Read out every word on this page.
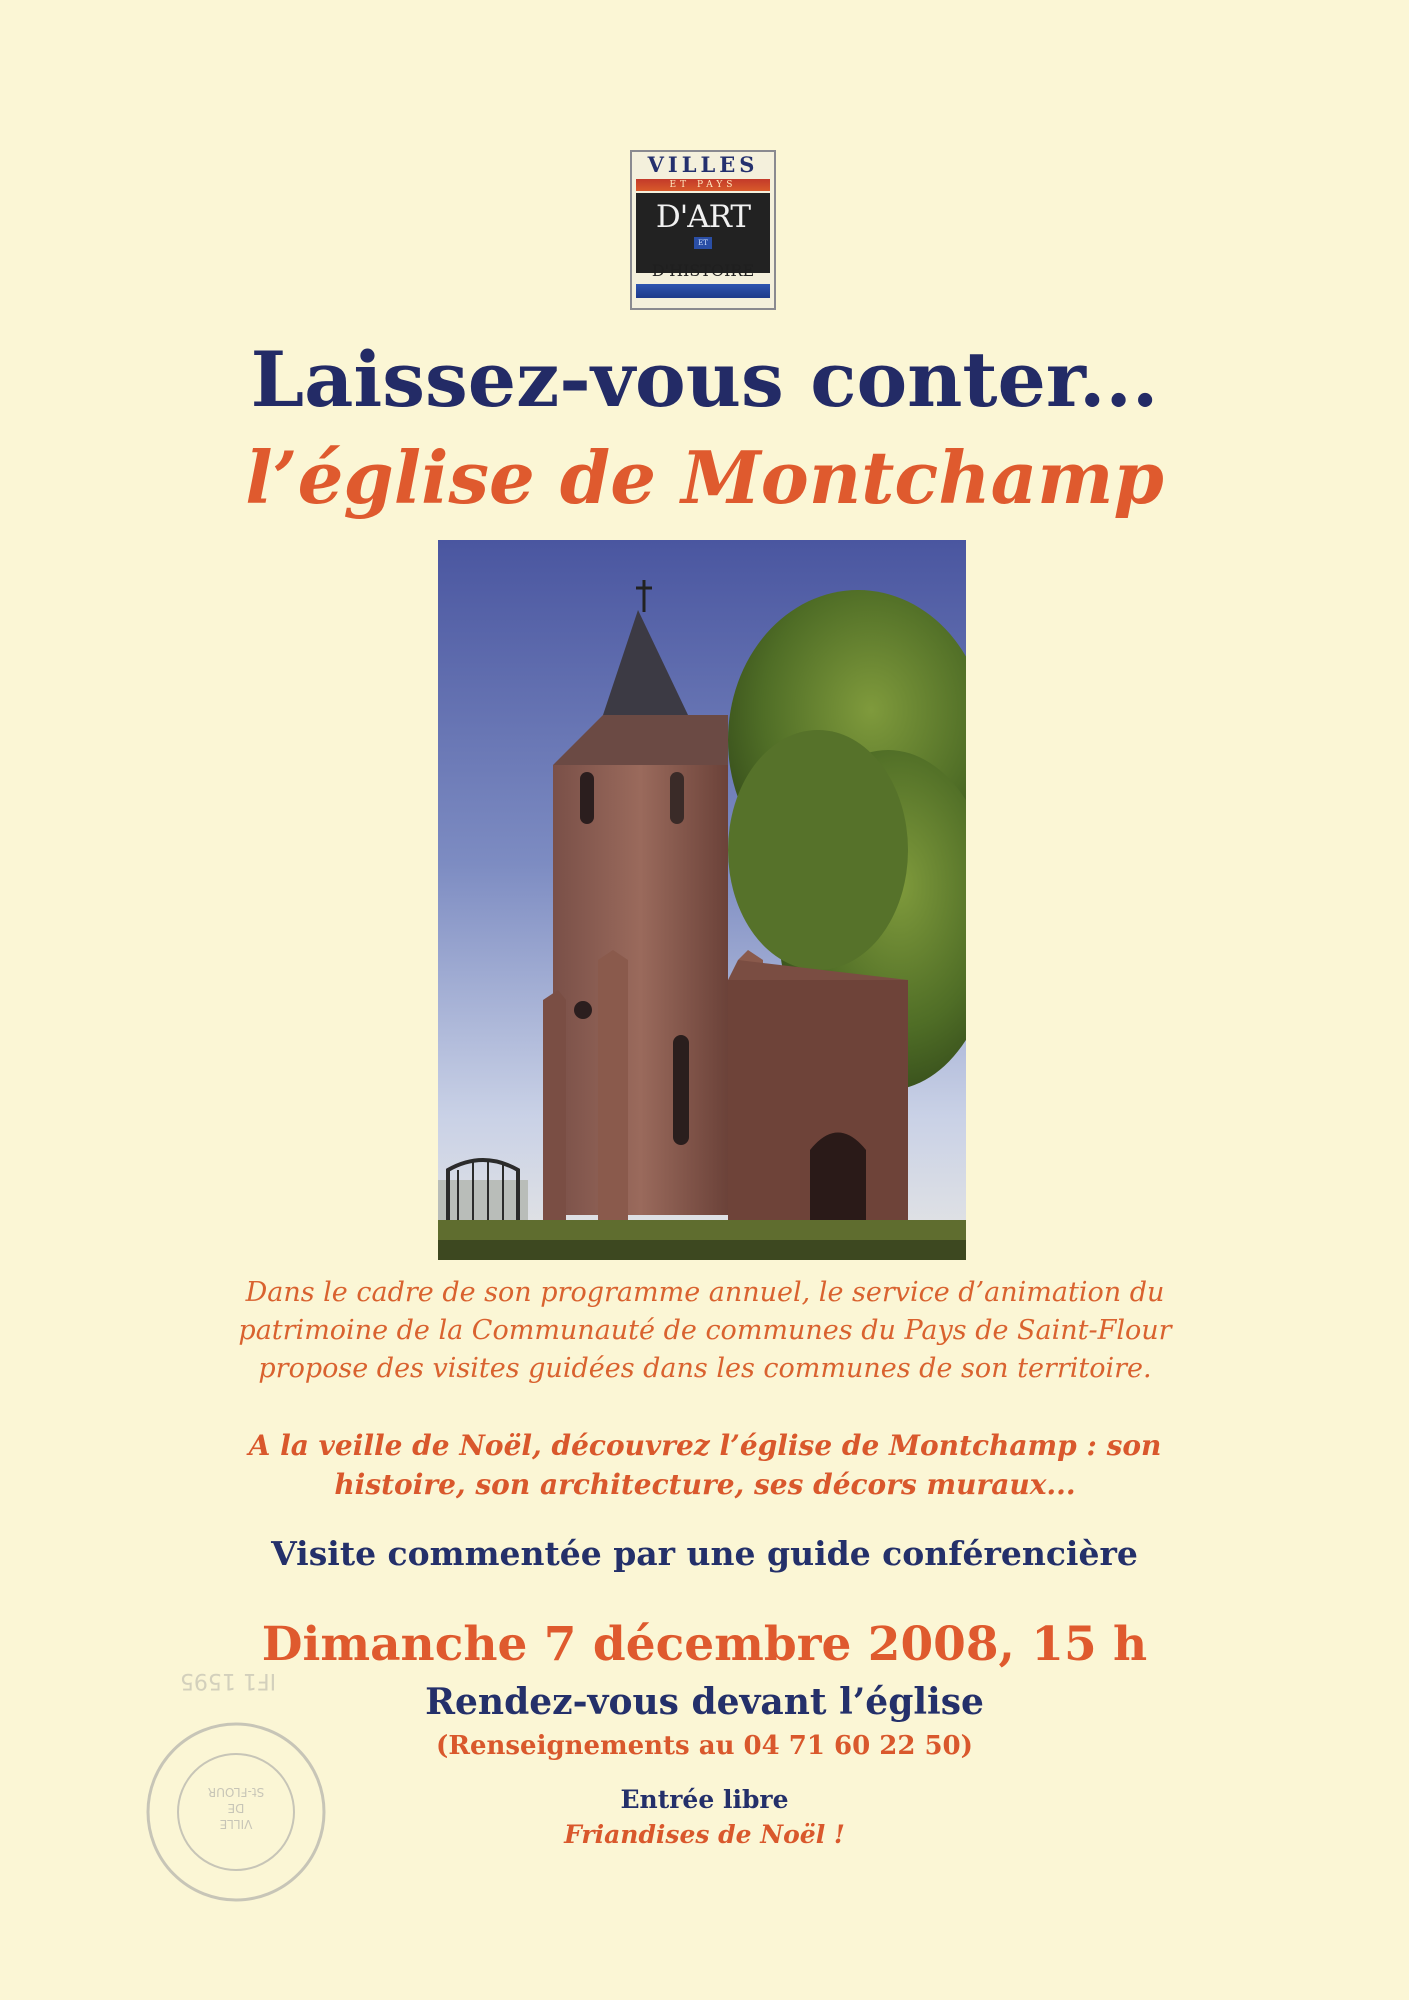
VILLES
ET PAYS
D'ART
ET
D'HISTOIRE
Laissez-vous conter...
l’église de Montchamp
Dans le cadre de son programme annuel, le service d’animation du
patrimoine de la Communauté de communes du Pays de Saint-Flour
propose des visites guidées dans les communes de son territoire.
A la veille de Noël, découvrez l’église de Montchamp : son
histoire, son architecture, ses décors muraux...
Visite commentée par une guide conférencière
Dimanche 7 décembre 2008, 15 h
Rendez-vous devant l’église
(Renseignements au 04 71 60 22 50)
Entrée libre
Friandises de Noël !
IF1 1595
VILLE
DE
St-FLOUR
